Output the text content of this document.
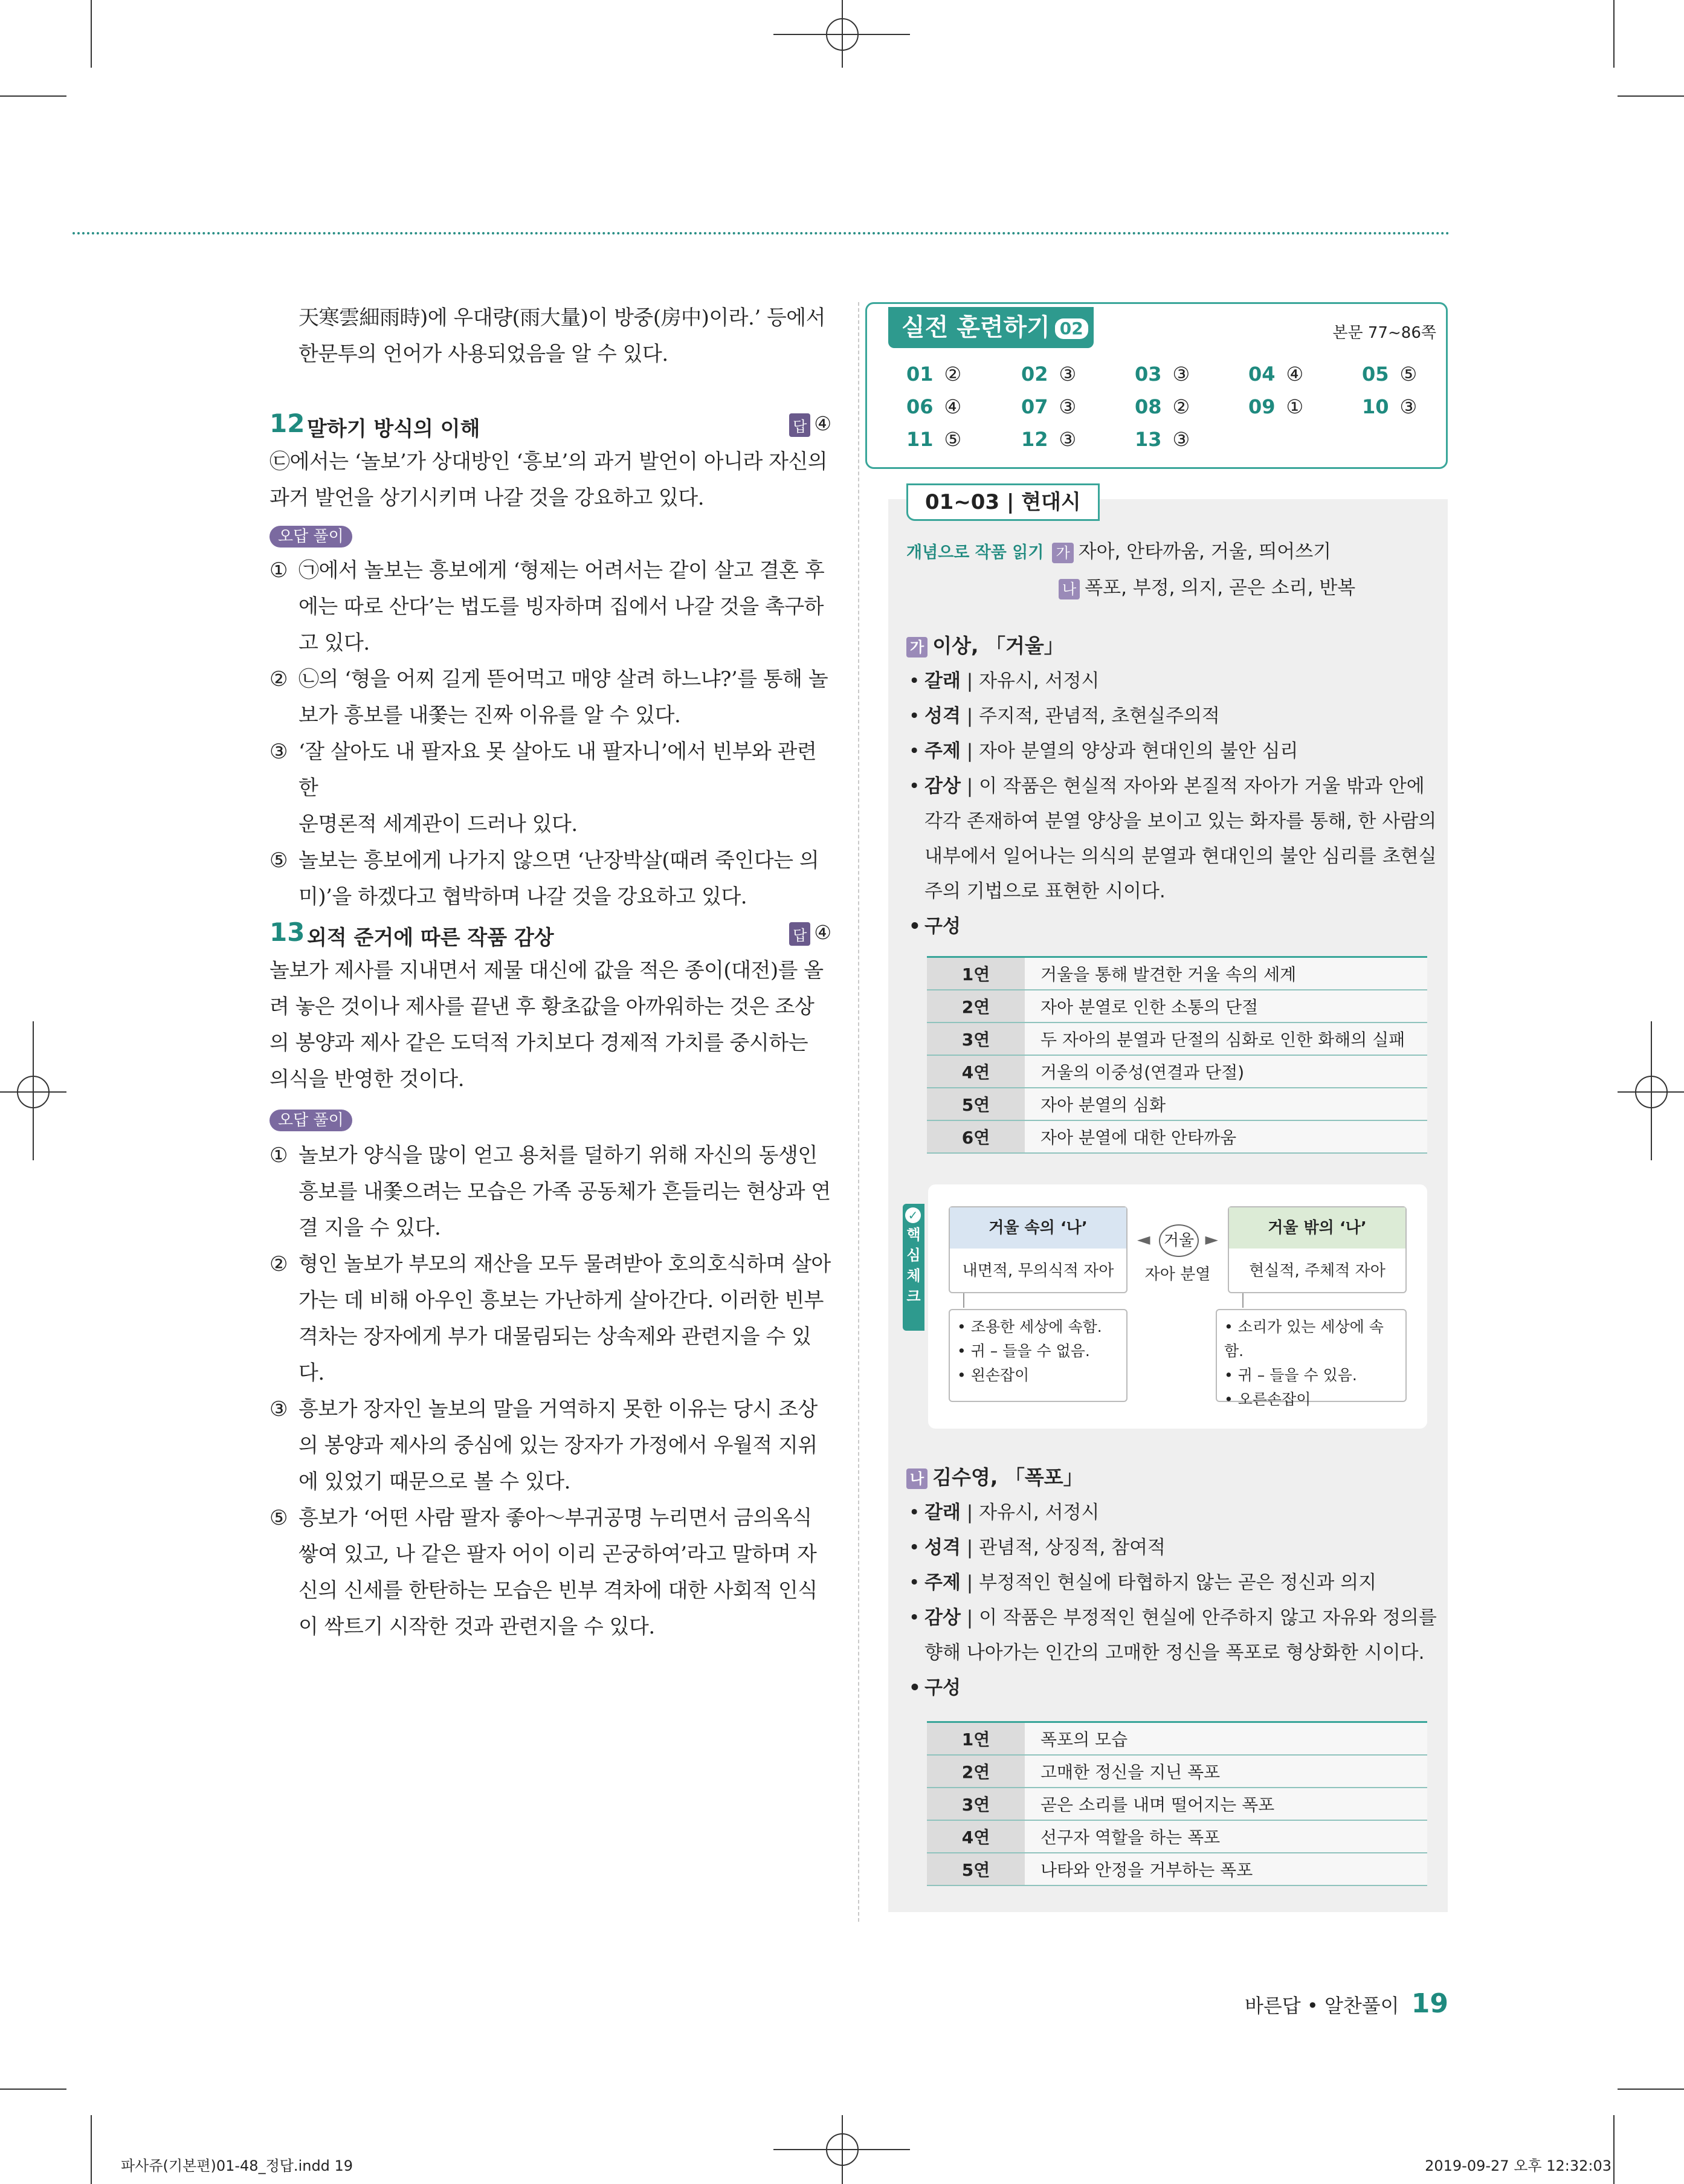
天寒雲細雨時)에 우대량(雨大量)이 방중(房中)이라.’ 등에서

한문투의 언어가 사용되었음을 알 수 있다.

12 말하기 방식의 이해	답 ④

㉢에서는 ‘놀보’가 상대방인 ‘흥보’의 과거 발언이 아니라 자신의

과거 발언을 상기시키며 나갈 것을 강요하고 있다.

오답 풀이
① ㉠에서 놀보는 흥보에게 ‘형제는 어려서는 같이 살고 결혼 후

에는 따로 산다’는 법도를 빙자하며 집에서 나갈 것을 촉구하

고 있다.

② ㉡의 ‘형을 어찌 길게 뜯어먹고 매양 살려 하느냐?’를 통해 놀

보가 흥보를 내쫓는 진짜 이유를 알 수 있다.

③ ‘잘 살아도 내 팔자요 못 살아도 내 팔자니’에서 빈부와 관련한

운명론적 세계관이 드러나 있다.

⑤ 놀보는 흥보에게 나가지 않으면 ‘난장박살(때려 죽인다는 의

미)’을 하겠다고 협박하며 나갈 것을 강요하고 있다.

13 외적 준거에 따른 작품 감상	답 ④

놀보가 제사를 지내면서 제물 대신에 값을 적은 종이(대전)를 올

려 놓은 것이나 제사를 끝낸 후 황초값을 아까워하는 것은 조상

의 봉양과 제사 같은 도덕적 가치보다 경제적 가치를 중시하는

의식을 반영한 것이다.

오답 풀이
① 놀보가 양식을 많이 얻고 용처를 덜하기 위해 자신의 동생인

흥보를 내쫓으려는 모습은 가족 공동체가 흔들리는 현상과 연

결 지을 수 있다.

② 형인 놀보가 부모의 재산을 모두 물려받아 호의호식하며 살아

가는 데 비해 아우인 흥보는 가난하게 살아간다. 이러한 빈부

격차는 장자에게 부가 대물림되는 상속제와 관련지을 수 있다.

③ 흥보가 장자인 놀보의 말을 거역하지 못한 이유는 당시 조상

의 봉양과 제사의 중심에 있는 장자가 가정에서 우월적 지위

에 있었기 때문으로 볼 수 있다.

⑤ 흥보가 ‘어떤 사람 팔자 좋아～부귀공명 누리면서 금의옥식

쌓여 있고, 나 같은 팔자 어이 이리 곤궁하여’라고 말하며 자

신의 신세를 한탄하는 모습은 빈부 격차에 대한 사회적 인식

이 싹트기 시작한 것과 관련지을 수 있다.

실전 훈련하기 02	본문 77~86쪽
01 ②	02 ③	03 ③	04 ④	05 ⑤
06 ④	07 ③	08 ②	09 ①	10 ③
11 ⑤	12 ③	13 ③
01~03 | 현대시

개념으로 작품 읽기 가 자아, 안타까움, 거울, 띄어쓰기

나 폭포, 부정, 의지, 곧은 소리, 반복

가 이상, 「거울」

• 갈래 | 자유시, 서정시

• 성격 | 주지적, 관념적, 초현실주의적

• 주제 | 자아 분열의 양상과 현대인의 불안 심리

• 감상 | 이 작품은 현실적 자아와 본질적 자아가 거울 밖과 안에

각각 존재하여 분열 양상을 보이고 있는 화자를 통해, 한 사람의

내부에서 일어나는 의식의 분열과 현대인의 불안 심리를 초현실

주의 기법으로 표현한 시이다.

• 구성

1연	거울을 통해 발견한 거울 속의 세계
2연	자아 분열로 인한 소통의 단절
3연	두 자아의 분열과 단절의 심화로 인한 화해의 실패
4연	거울의 이중성(연결과 단절)
5연	자아 분열의 심화
6연	자아 분열에 대한 안타까움
핵심체크
✓
거울 속의 ‘나’
내면적, 무의식적 자아
◄ 거울 ►
자아 분열
거울 밖의 ‘나’
현실적, 주체적 자아
• 조용한 세상에 속함.
• 귀 – 들을 수 없음.
• 왼손잡이
• 소리가 있는 세상에 속함.
• 귀 – 들을 수 있음.
• 오른손잡이

나 김수영, 「폭포」

• 갈래 | 자유시, 서정시

• 성격 | 관념적, 상징적, 참여적

• 주제 | 부정적인 현실에 타협하지 않는 곧은 정신과 의지

• 감상 | 이 작품은 부정적인 현실에 안주하지 않고 자유와 정의를

향해 나아가는 인간의 고매한 정신을 폭포로 형상화한 시이다.

• 구성

1연	폭포의 모습
2연	고매한 정신을 지닌 폭포
3연	곧은 소리를 내며 떨어지는 폭포
4연	선구자 역할을 하는 폭포
5연	나타와 안정을 거부하는 폭포
바른답 • 알찬풀이 19
파사쥬(기본편)01-48_정답.indd 19	2019-09-27 오후 12:32:03
